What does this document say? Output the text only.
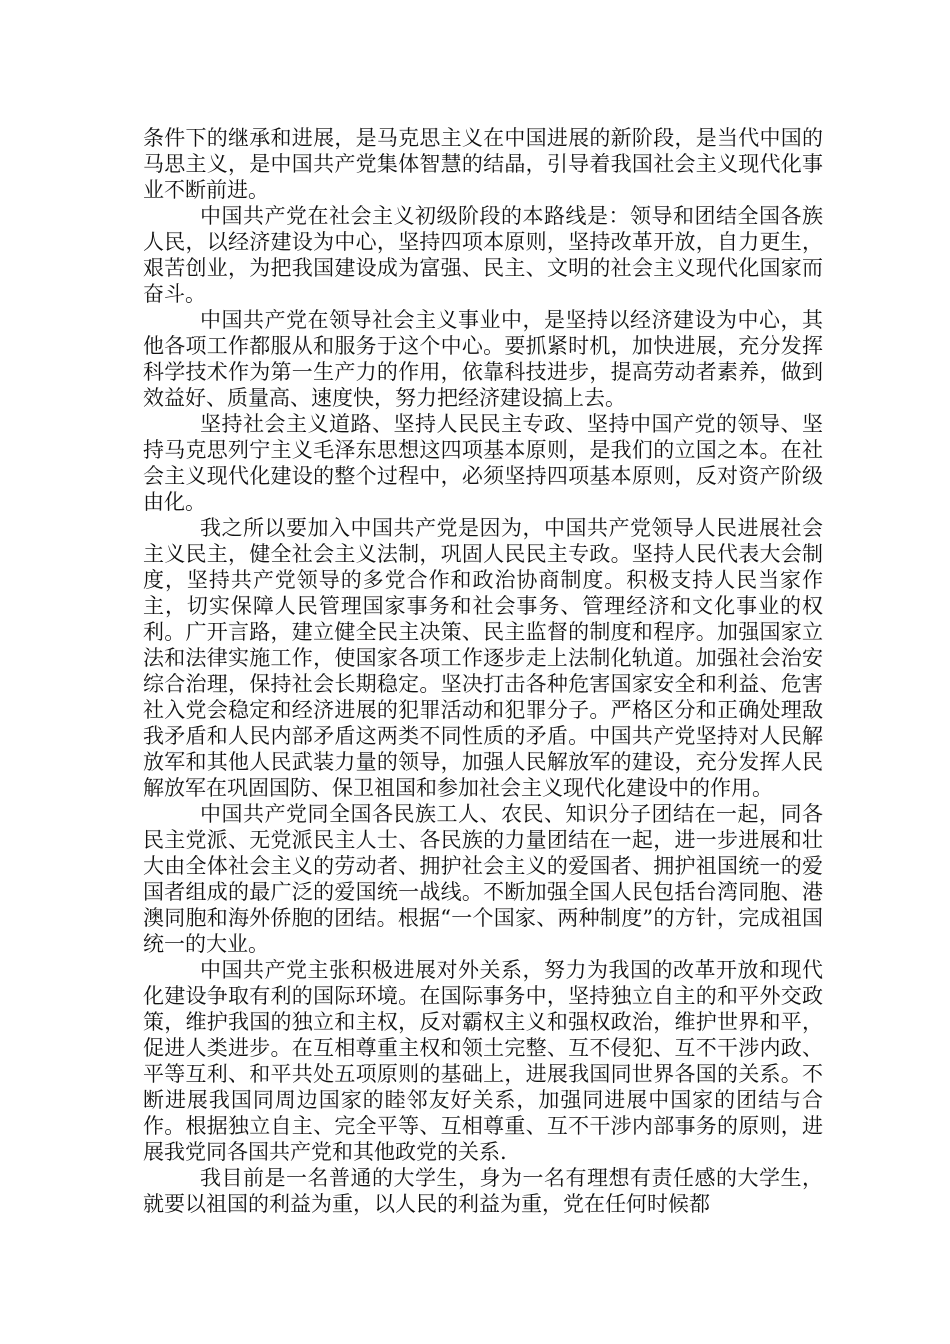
条件下的继承和进展，是马克思主义在中国进展的新阶段，是当代中国的马思主义，是中国共产党集体智慧的结晶，引导着我国社会主义现代化事业不断前进。

中国共产党在社会主义初级阶段的本路线是：领导和团结全国各族人民，以经济建设为中心，坚持四项本原则，坚持改革开放，自力更生，艰苦创业，为把我国建设成为富强、民主、文明的社会主义现代化国家而奋斗。

中国共产党在领导社会主义事业中，是坚持以经济建设为中心，其他各项工作都服从和服务于这个中心。要抓紧时机，加快进展，充分发挥科学技术作为第一生产力的作用，依靠科技进步，提高劳动者素养，做到效益好、质量高、速度快，努力把经济建设搞上去。

坚持社会主义道路、坚持人民民主专政、坚持中国产党的领导、坚持马克思列宁主义毛泽东思想这四项基本原则，是我们的立国之本。在社会主义现代化建设的整个过程中，必须坚持四项基本原则，反对资产阶级由化。

我之所以要加入中国共产党是因为，中国共产党领导人民进展社会主义民主，健全社会主义法制，巩固人民民主专政。坚持人民代表大会制度，坚持共产党领导的多党合作和政治协商制度。积极支持人民当家作主，切实保障人民管理国家事务和社会事务、管理经济和文化事业的权利。广开言路，建立健全民主决策、民主监督的制度和程序。加强国家立法和法律实施工作，使国家各项工作逐步走上法制化轨道。加强社会治安综合治理，保持社会长期稳定。坚决打击各种危害国家安全和利益、危害社入党会稳定和经济进展的犯罪活动和犯罪分子。严格区分和正确处理敌我矛盾和人民内部矛盾这两类不同性质的矛盾。中国共产党坚持对人民解放军和其他人民武装力量的领导，加强人民解放军的建设，充分发挥人民解放军在巩固国防、保卫祖国和参加社会主义现代化建设中的作用。

中国共产党同全国各民族工人、农民、知识分子团结在一起，同各民主党派、无党派民主人士、各民族的力量团结在一起，进一步进展和壮大由全体社会主义的劳动者、拥护社会主义的爱国者、拥护祖国统一的爱国者组成的最广泛的爱国统一战线。不断加强全国人民包括台湾同胞、港澳同胞和海外侨胞的团结。根据“一个国家、两种制度”的方针，完成祖国统一的大业。

中国共产党主张积极进展对外关系，努力为我国的改革开放和现代化建设争取有利的国际环境。在国际事务中，坚持独立自主的和平外交政策，维护我国的独立和主权，反对霸权主义和强权政治，维护世界和平，促进人类进步。在互相尊重主权和领土完整、互不侵犯、互不干涉内政、平等互利、和平共处五项原则的基础上，进展我国同世界各国的关系。不断进展我国同周边国家的睦邻友好关系，加强同进展中国家的团结与合作。根据独立自主、完全平等、互相尊重、互不干涉内部事务的原则，进展我党同各国共产党和其他政党的关系.

我目前是一名普通的大学生，身为一名有理想有责任感的大学生，就要以祖国的利益为重，以人民的利益为重，党在任何时候都
